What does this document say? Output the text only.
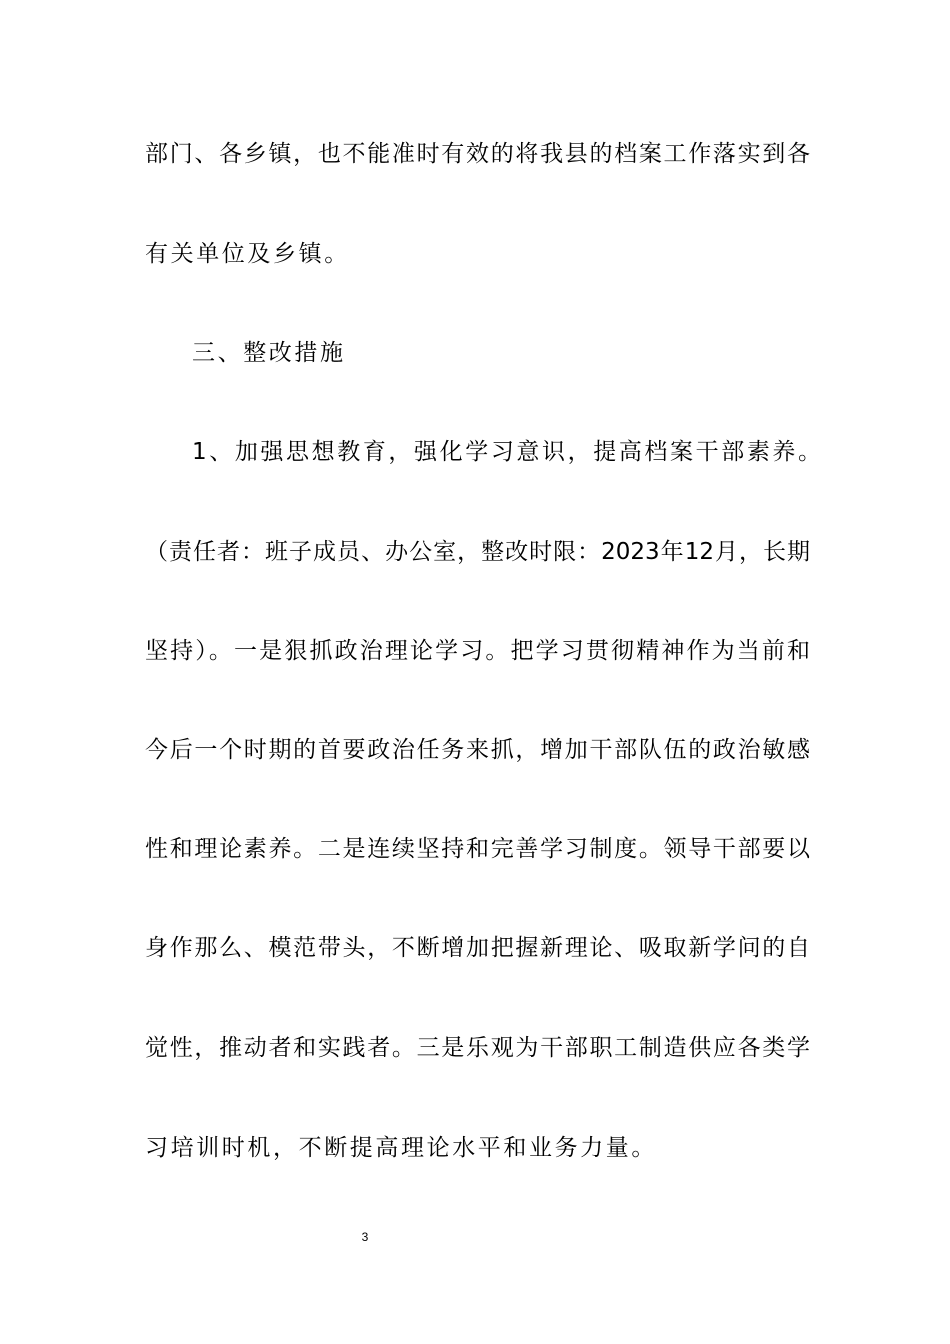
部门、各乡镇，也不能准时有效的将我县的档案工作落实到各
有关单位及乡镇。
三、整改措施
1、加强思想教育，强化学习意识，提高档案干部素养。
（责任者：班子成员、办公室，整改时限：2023年12月，长期
坚持）。一是狠抓政治理论学习。把学习贯彻精神作为当前和
今后一个时期的首要政治任务来抓，增加干部队伍的政治敏感
性和理论素养。二是连续坚持和完善学习制度。领导干部要以
身作那么、模范带头，不断增加把握新理论、吸取新学问的自
觉性，推动者和实践者。三是乐观为干部职工制造供应各类学
习培训时机，不断提高理论水平和业务力量。
3
